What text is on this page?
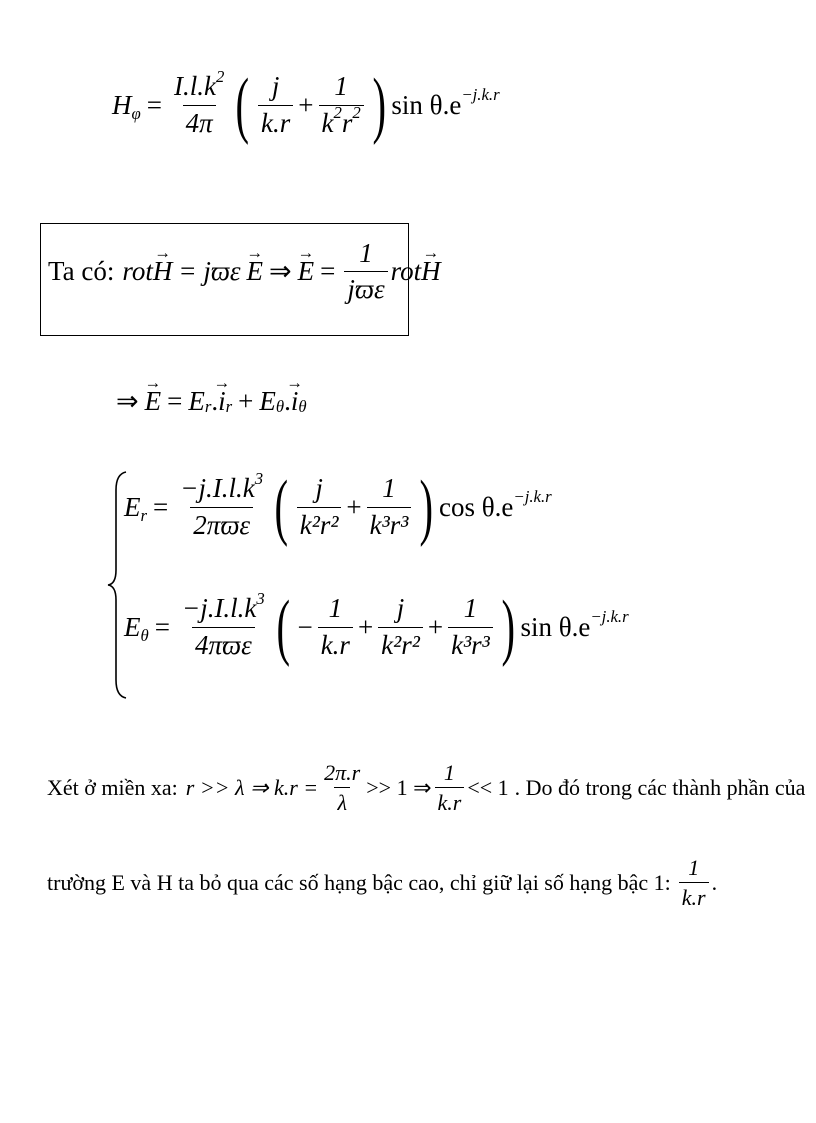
$H_\varphi = \frac{I.l.k^2}{4\pi}$ ( $\frac{j}{k.r} + \frac{1}{k^2r^2}$ ) $\sin \theta.e^{-j.k.r}$
Ta có: rot → H = jϖε → E ⇒ → $E = \frac{1}{\text{jϖε}}$ rot → H
⇒ → E = E r . → i r + E θ . → i θ
$E_r = \frac{-j.I.l.k^3}{\text{2πϖε}}$ ( $\frac{j}{\text{k²r²}} + \frac{1}{\text{k³r³}}$ ) $\cos \theta.e^{-j.k.r}$
$E_\theta = \frac{-j.I.l.k^3}{\text{4πϖε}}$ ( − $\frac{1}{k.r} + \frac{j}{\text{k²r²}} + \frac{1}{\text{k³r³}}$ ) $\sin \theta.e^{-j.k.r}$
Xét ở miền xa: r >> λ ⇒ $k.r = \frac{2\pi.r}{\lambda} >> 1$ ⇒ $\frac{1}{k.r} << 1$ . Do đó trong các thành phần của
trường E và H ta bỏ qua các số hạng bậc cao, chỉ giữ lại số hạng bậc 1: $\frac{1}{k.r}$ .
